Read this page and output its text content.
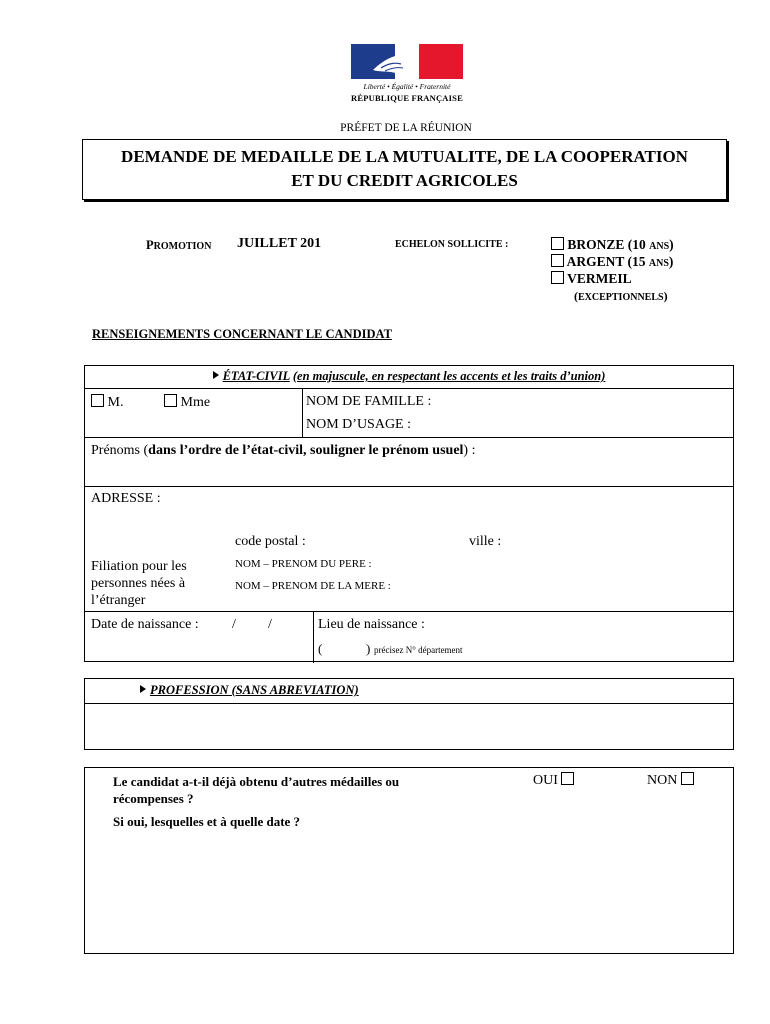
Liberté • Égalité • Fraternité
RÉPUBLIQUE FRANÇAISE
PRÉFET DE LA RÉUNION
DEMANDE DE MEDAILLE DE LA MUTUALITE, DE LA COOPERATION
ET DU CREDIT AGRICOLES
PROMOTION JUILLET 201	ECHELON SOLLICITE :	BRONZE (10 ANS)
ARGENT (15 ANS)
VERMEIL
(EXCEPTIONNELS)
RENSEIGNEMENTS CONCERNANT LE CANDIDAT
ÉTAT-CIVIL (en majuscule, en respectant les accents et les traits d’union)
M.	Mme	NOM DE FAMILLE :
NOM D’USAGE :
Prénoms (dans l’ordre de l’état-civil, souligner le prénom usuel) :
ADRESSE :
code postal :	ville :
Filiation pour les personnes nées à l’étranger
NOM – PRENOM DU PERE :
NOM – PRENOM DE LA MERE :
Date de naissance : / /	Lieu de naissance :
(	) précisez N° département
PROFESSION (SANS ABREVIATION)
Le candidat a-t-il déjà obtenu d’autres médailles ou récompenses ?
OUI	NON
Si oui, lesquelles et à quelle date ?
